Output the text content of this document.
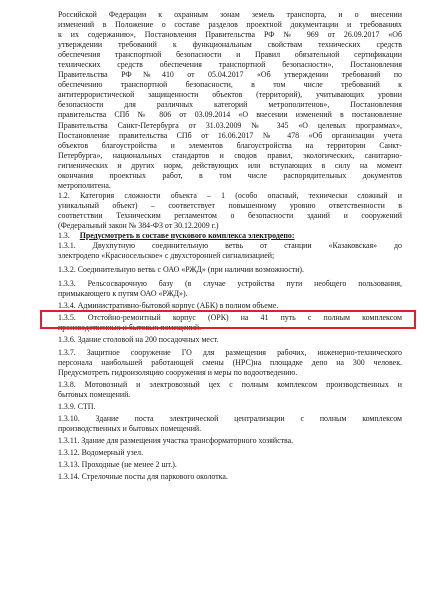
Российской Федерации к охранным зонам земель транспорта, и о внесении
изменений в Положение о составе разделов проектной документации и требованиях
к их содержанию», Постановления Правительства РФ № 969 от 26.09.2017 «Об
утверждении требований к функциональным свойствам технических средств
обеспечения транспортной безопасности и Правил обязательной сертификации
технических средств обеспечения транспортной безопасности», Постановления
Правительства РФ№410 от 05.04.2017 «Об утверждении требований по
обеспечению транспортной безопасности, в том числе требований к
антитеррористической защищенности объектов (территорий), учитывающих уровни
безопасности для различных категорий метрополитенов», Постановления
правительства СПб № 806 от 03.09.2014 «О внесении изменений в постановление
Правительства Санкт-Петербурга от 31.03.2009 № 345 «О целевых программах»,
Постановление правительства СПб от 16.06.2017 № 478 «Об организации учета
объектов благоустройства и элементов благоустройства на территории Санкт-
Петербурга», национальных стандартов и сводов правил, экологических, санитарно-
гигиенических и других норм, действующих или вступающих в силу на момент
окончания проектных работ, в том числе распорядительных документов
метрополитена.
1.2. Категория сложности объекта – 1 (особо опасный, технически сложный и
уникальный объект) – соответствует повышенному уровню ответственности в
соответствии Техническим регламентом о безопасности зданий и сооружений
(Федеральный закон № 384-ФЗ от 30.12.2009 г.)
1.3. Предусмотреть в составе пускового комплекса электродепо:
1.3.1. Двухпутную соединительную ветвь от станции «Казаковская» до
электродепо «Красносельское» с двухсторонней сигнализацией;
1.3.2. Соединительную ветвь с ОАО «РЖД» (при наличии возможности).
1.3.3. Рельсосварочную базу (в случае устройства пути необщего пользования,
примыкающего к путям ОАО «РЖД»).
1.3.4. Административно-бытовой корпус (АБК) в полном объеме.
1.3.5. Отстойно-ремонтный корпус (ОРК) на 41 путь с полным комплексом
производственных и бытовых помещений.
1.3.6. Здание столовой на 200 посадочных мест.
1.3.7. Защитное сооружение ГО для размещения рабочих, инженерно-технического
персонала наибольшей работающей смены (НРС)на площадке депо на 300 человек.
Предусмотреть гидроизоляцию сооружения и меры по водоотведению.
1.3.8. Мотовозный и электровозный цех с полным комплексом производственных и
бытовых помещений.
1.3.9. СТП.
1.3.10. Здание поста электрической централизации с полным комплексом
производственных и бытовых помещений.
1.3.11. Здание для размещения участка трансформаторного хозяйства.
1.3.12. Водомерный узел.
1.3.13. Проходные (не менее 2 шт.).
1.3.14. Стрелочные посты для паркового околотка.
